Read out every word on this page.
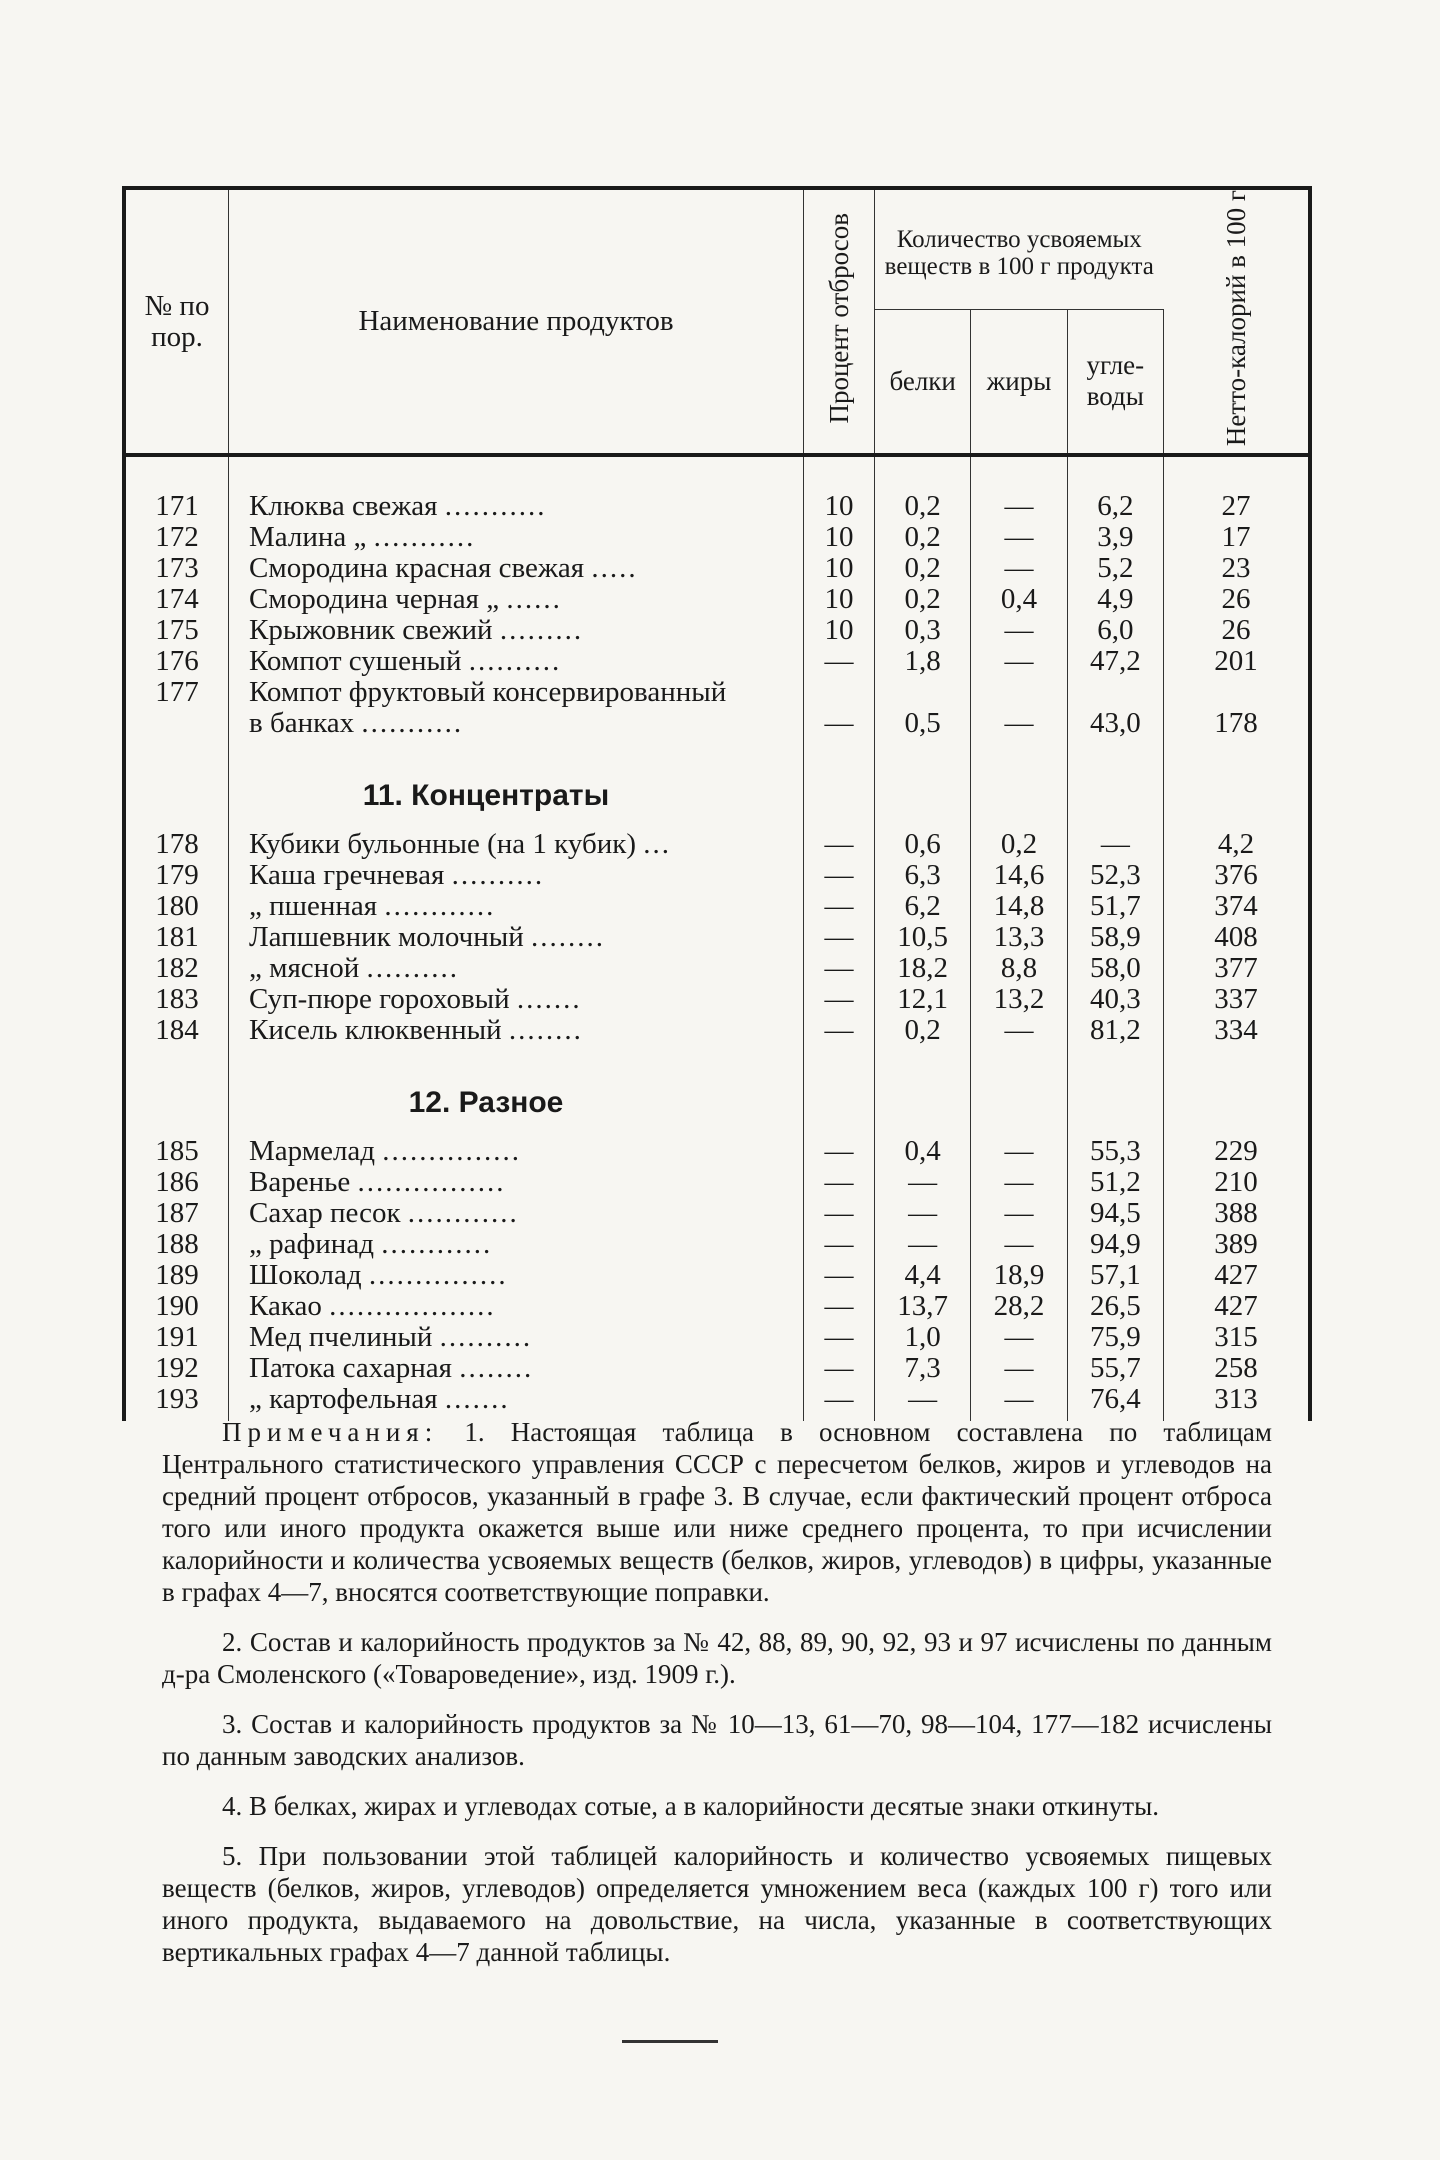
№ по пор.	Наименование продуктов	Процент отбросов	Количество усвояемых веществ в 100 г продукта			Нетто-калорий в 100 г
			белки	жиры	угле-воды	

171	Клюква свежая ...........	10	0,2	—	6,2	27
172	Малина „ ...........	10	0,2	—	3,9	17
173	Смородина красная свежая .....	10	0,2	—	5,2	23
174	Смородина черная „ ......	10	0,2	0,4	4,9	26
175	Крыжовник свежий .........	10	0,3	—	6,0	26
176	Компот сушеный ..........	—	1,8	—	47,2	201
177	Компот фруктовый консервированный					
	в банках ...........	—	0,5	—	43,0	178

	11. Концентраты					
178	Кубики бульонные (на 1 кубик) ...	—	0,6	0,2	—	4,2
179	Каша гречневая ..........	—	6,3	14,6	52,3	376
180	„ пшенная ............	—	6,2	14,8	51,7	374
181	Лапшевник молочный ........	—	10,5	13,3	58,9	408
182	„ мясной ..........	—	18,2	8,8	58,0	377
183	Суп-пюре гороховый .......	—	12,1	13,2	40,3	337
184	Кисель клюквенный ........	—	0,2	—	81,2	334

	12. Разное					
185	Мармелад ...............	—	0,4	—	55,3	229
186	Варенье ................	—	—	—	51,2	210
187	Сахар песок ............	—	—	—	94,5	388
188	„ рафинад ............	—	—	—	94,9	389
189	Шоколад ...............	—	4,4	18,9	57,1	427
190	Какао ..................	—	13,7	28,2	26,5	427
191	Мед пчелиный ..........	—	1,0	—	75,9	315
192	Патока сахарная ........	—	7,3	—	55,7	258
193	„ картофельная .......	—	—	—	76,4	313

Примечания: 1. Настоящая таблица в основном составлена по таблицам Центрального статистического управления СССР с пересчетом белков, жиров и углеводов на средний процент отбросов, указанный в графе 3. В случае, если фактический процент отброса того или иного продукта окажется выше или ниже среднего процента, то при исчислении калорийности и количества усвояемых веществ (белков, жиров, углеводов) в цифры, указанные в графах 4—7, вносятся соответствующие поправки.

2. Состав и калорийность продуктов за № 42, 88, 89, 90, 92, 93 и 97 исчислены по данным д-ра Смоленского («Товароведение», изд. 1909 г.).

3. Состав и калорийность продуктов за № 10—13, 61—70, 98—104, 177—182 исчислены по данным заводских анализов.

4. В белках, жирах и углеводах сотые, а в калорийности десятые знаки откинуты.

5. При пользовании этой таблицей калорийность и количество усвояемых пищевых веществ (белков, жиров, углеводов) определяется умножением веса (каждых 100 г) того или иного продукта, выдаваемого на довольствие, на числа, указанные в соответствующих вертикальных графах 4—7 данной таблицы.
